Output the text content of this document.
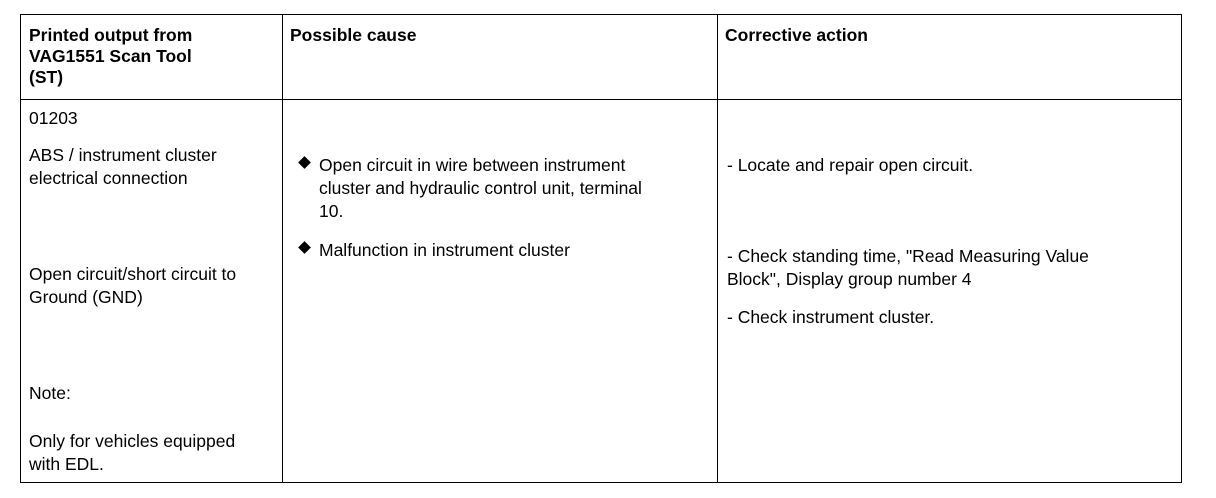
Printed output from
VAG1551 Scan Tool
(ST)
Possible cause	Corrective action
01203
ABS / instrument cluster
electrical connection
Open circuit/short circuit to
Ground (GND)
Note:
Only for vehicles equipped
with EDL.
Open circuit in wire between instrument
cluster and hydraulic control unit, terminal
10.
Malfunction in instrument cluster
- Locate and repair open circuit.
- Check standing time, "Read Measuring Value
Block", Display group number 4
- Check instrument cluster.
